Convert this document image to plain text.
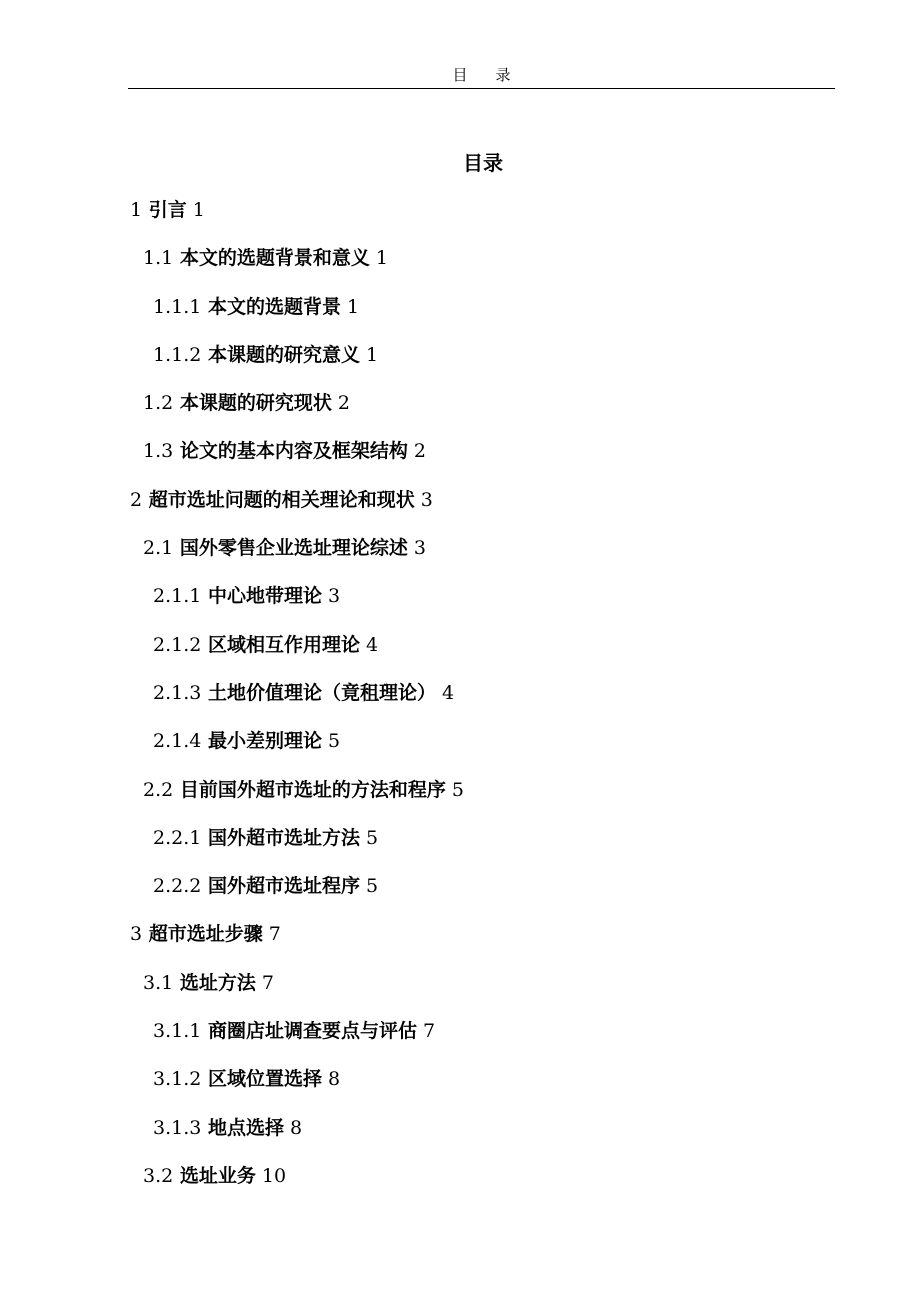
目录
目录
1 引言 1
1.1 本文的选题背景和意义 1
1.1.1 本文的选题背景 1
1.1.2 本课题的研究意义 1
1.2 本课题的研究现状 2
1.3 论文的基本内容及框架结构 2
2 超市选址问题的相关理论和现状 3
2.1 国外零售企业选址理论综述 3
2.1.1 中心地带理论 3
2.1.2 区域相互作用理论 4
2.1.3 土地价值理论（竟租理论） 4
2.1.4 最小差别理论 5
2.2 目前国外超市选址的方法和程序 5
2.2.1 国外超市选址方法 5
2.2.2 国外超市选址程序 5
3 超市选址步骤 7
3.1 选址方法 7
3.1.1 商圈店址调查要点与评估 7
3.1.2 区域位置选择 8
3.1.3 地点选择 8
3.2 选址业务 10
